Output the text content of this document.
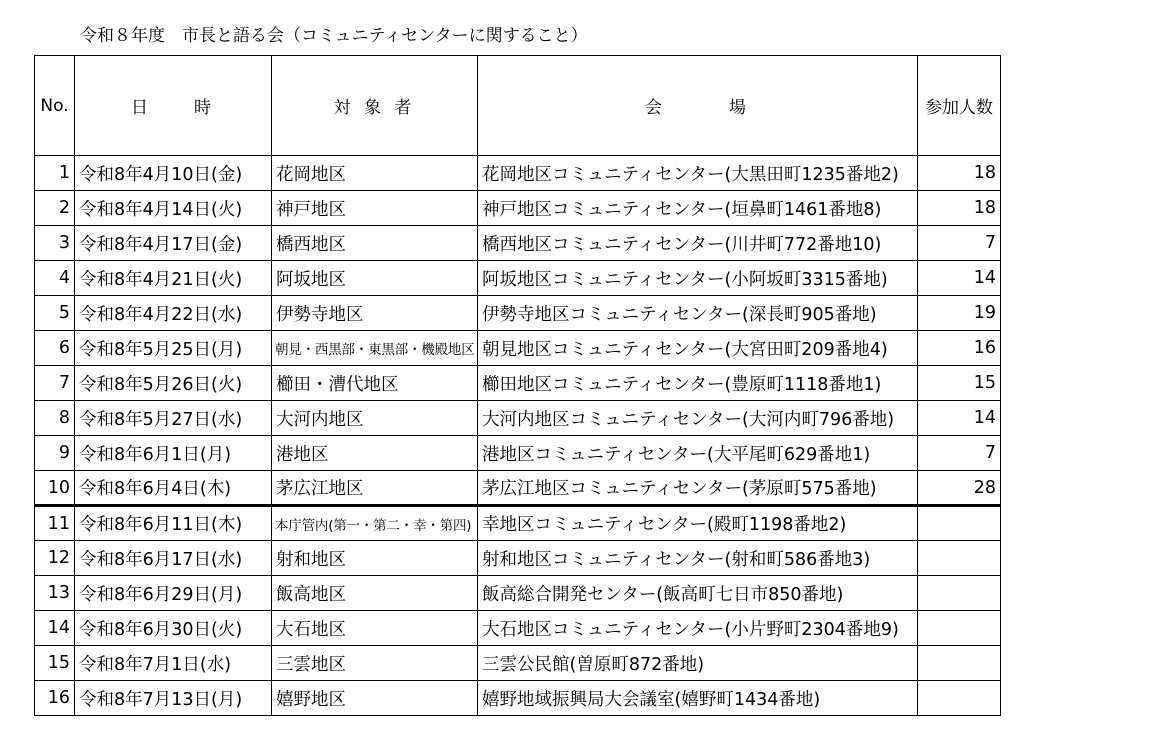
令和８年度　市長と語る会（コミュニティセンターに関すること）
No.	日　　時	対 象 者	会　　　場	参加人数
1	令和8年4月10日(金)	花岡地区	花岡地区コミュニティセンター(大黒田町1235番地2)	18
2	令和8年4月14日(火)	神戸地区	神戸地区コミュニティセンター(垣鼻町1461番地8)	18
3	令和8年4月17日(金)	橋西地区	橋西地区コミュニティセンター(川井町772番地10)	7
4	令和8年4月21日(火)	阿坂地区	阿坂地区コミュニティセンター(小阿坂町3315番地)	14
5	令和8年4月22日(水)	伊勢寺地区	伊勢寺地区コミュニティセンター(深長町905番地)	19
6	令和8年5月25日(月)	朝見・西黒部・東黒部・機殿地区	朝見地区コミュニティセンター(大宮田町209番地4)	16
7	令和8年5月26日(火)	櫛田・漕代地区	櫛田地区コミュニティセンター(豊原町1118番地1)	15
8	令和8年5月27日(水)	大河内地区	大河内地区コミュニティセンター(大河内町796番地)	14
9	令和8年6月1日(月)	港地区	港地区コミュニティセンター(大平尾町629番地1)	7
10	令和8年6月4日(木)	茅広江地区	茅広江地区コミュニティセンター(茅原町575番地)	28
11	令和8年6月11日(木)	本庁管内(第一・第二・幸・第四)	幸地区コミュニティセンター(殿町1198番地2)	
12	令和8年6月17日(水)	射和地区	射和地区コミュニティセンター(射和町586番地3)	
13	令和8年6月29日(月)	飯高地区	飯高総合開発センター(飯高町七日市850番地)	
14	令和8年6月30日(火)	大石地区	大石地区コミュニティセンター(小片野町2304番地9)	
15	令和8年7月1日(水)	三雲地区	三雲公民館(曽原町872番地)	
16	令和8年7月13日(月)	嬉野地区	嬉野地域振興局大会議室(嬉野町1434番地)	
